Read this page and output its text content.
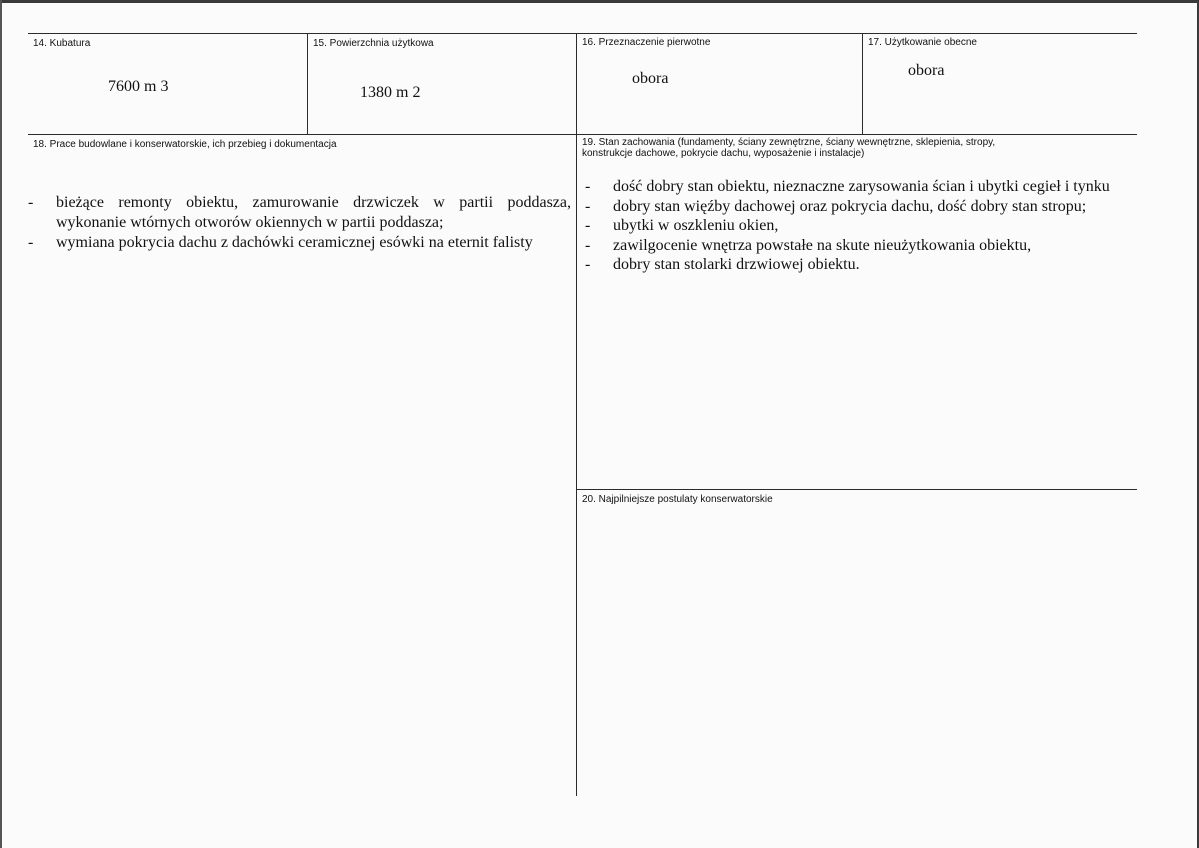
14. Kubatura
7600 m 3
15. Powierzchnia użytkowa
1380 m 2
16. Przeznaczenie pierwotne
obora
17. Użytkowanie obecne
obora
18. Prace budowlane i konserwatorskie, ich przebieg i dokumentacja
- bieżące remonty obiektu, zamurowanie drzwiczek w partii poddasza,
wykonanie wtórnych otworów okiennych w partii poddasza;
- wymiana pokrycia dachu z dachówki ceramicznej esówki na eternit falisty
19. Stan zachowania (fundamenty, ściany zewnętrzne, ściany wewnętrzne, sklepienia, stropy,
konstrukcje dachowe, pokrycie dachu, wyposażenie i instalacje)
- dość dobry stan obiektu, nieznaczne zarysowania ścian i ubytki cegieł i tynku
- dobry stan więźby dachowej oraz pokrycia dachu, dość dobry stan stropu;
- ubytki w oszkleniu okien,
- zawilgocenie wnętrza powstałe na skute nieużytkowania obiektu,
- dobry stan stolarki drzwiowej obiektu.
20. Najpilniejsze postulaty konserwatorskie
